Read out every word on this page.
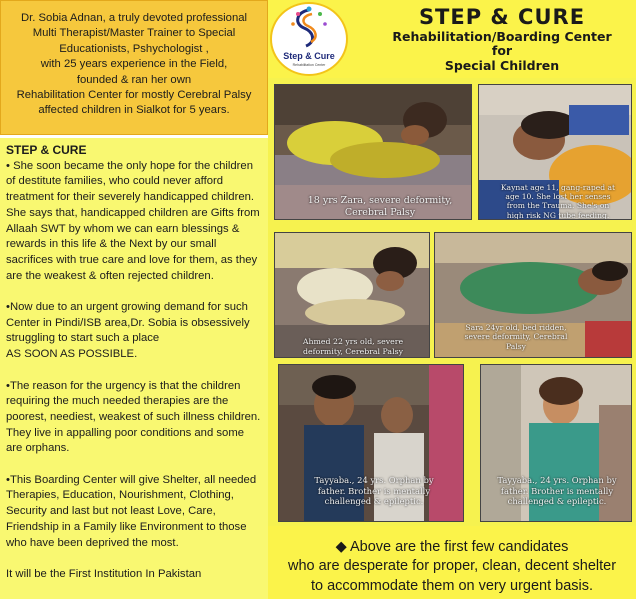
Dr. Sobia Adnan, a truly devoted professional
Multi Therapist/Master Trainer to Special
Educationists, Pshychologist ,
with 25 years experience in the Field,
founded & ran her own
Rehabilitation Center for mostly Cerebral Palsy
affected children in Sialkot for 5 years.
STEP & CURE
• She soon became the only hope for the children
of destitute families, who could never afford
treatment for their severely handicapped children.
She says that, handicapped children are Gifts from
Allaah SWT by whom we can earn blessings &
rewards in this life & the Next by our small
sacrifices with true care and love for them, as they
are the weakest & often rejected children.
•Now due to an urgent growing demand for such
Center in Pindi/ISB area,Dr. Sobia is obsessively
struggling to start such a place
AS SOON AS POSSIBLE.
•The reason for the urgency is that the children
requiring the much needed therapies are the
poorest, neediest, weakest of such illness children.
They live in appalling poor conditions and some
are orphans.
•This Boarding Center will give Shelter, all needed
Therapies, Education, Nourishment, Clothing,
Security and last but not least Love, Care,
Friendship in a Family like Environment to those
who have been deprived the most.
It will be the First Institution In Pakistan
Step & Cure
Rehabilitation Center
STEP & CURE
Rehabilitation/Boarding Center
for
Special Children
18 yrs Zara, severe deformity,
Cerebral Palsy
Kaynat age 11, gang-raped at
age 10. She lost her senses
from the Trauma. She's on
high risk NG tube feeding.
Ahmed 22 yrs old, severe
deformity, Cerebral Palsy
Sara 24yr old, bed ridden,
severe deformity, Cerebral
Palsy
Tayyaba., 24 yrs. Orphan by
father. Brother is mentally
challenged & epileptic.
Tayyaba., 24 yrs. Orphan by
father. Brother is mentally
challenged & epileptic.
◆ Above are the first few candidates
who are desperate for proper, clean, decent shelter
to accommodate them on very urgent basis.
